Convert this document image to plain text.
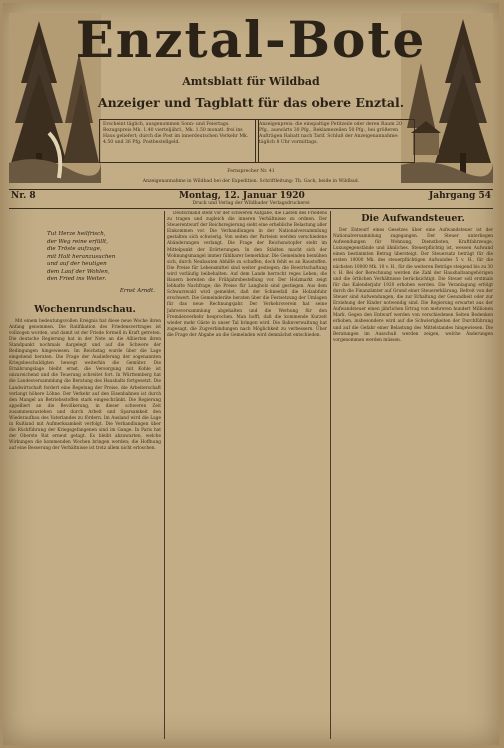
Enztal-Bote
Amtsblatt für Wildbad
Anzeiger und Tagblatt für das obere Enztal.
Erscheint täglich, ausgenommen Sonn- und Feiertags. Bezugspreis Mk. 1.40 vierteljährl., Mk. 1.50 monatl. frei ins Haus geliefert; durch die Post im innerdeutschen Verkehr Mk. 4.50 und 36 Pfg. Postbestellgeld.
Anzeigenpreis: die einspaltige Petitzeile oder deren Raum 20 Pfg., auswärts 30 Pfg., Reklamezeilen 50 Pfg., bei größeren Aufträgen Rabatt nach Tarif. Schluß der Anzeigenannahme: täglich 8 Uhr vormittags.
Fernsprecher Nr. 41
Anzeigenannahme in Wildbad bei der Expedition. Schriftleitung: Th. Gack, beide in Wildbad.
Nr. 8	Montag, 12. Januar 1920	Jahrgang 54
Druck und Verlag der Wildbader Verlagsdruckerei
Tut Herze heilfrisch,
der Weg reine erfüllt,
die Tröste aufzuge,
mit Halt heranzusuchen
und auf der heutigen
dem Lauf der Wohlen,
den Fried ins Weiter.
Ernst Arndt.
Wochenrundschau.

Mit einem bedeutungsvollen Ereignis hat diese neue Woche ihren Anfang genommen. Die Ratifikation des Friedensvertrages ist vollzogen worden, und damit ist der Friede formell in Kraft getreten. Die deutsche Regierung hat in der Note an die Alliierten ihren Standpunkt nochmals dargelegt und auf die Schwere der Bedingungen hingewiesen. Im Reichstag wurde über die Lage eingehend beraten. Die Frage der Auslieferung der sogenannten Kriegsbeschuldigten bewegt weiterhin die Gemüter. Die Ernährungslage bleibt ernst, die Versorgung mit Kohle ist unzureichend und die Teuerung schreitet fort. In Württemberg hat die Landesversammlung die Beratung des Haushalts fortgesetzt. Die Landwirtschaft fordert eine Regelung der Preise, die Arbeiterschaft verlangt höhere Löhne. Der Verkehr auf den Eisenbahnen ist durch den Mangel an Betriebsstoffen stark eingeschränkt. Die Regierung appelliert an die Bevölkerung, in dieser schweren Zeit zusammenzustehen und durch Arbeit und Sparsamkeit den Wiederaufbau des Vaterlandes zu fördern. Im Ausland wird die Lage in Rußland mit Aufmerksamkeit verfolgt. Die Verhandlungen über die Rückführung der Kriegsgefangenen sind im Gange. In Paris hat der Oberste Rat erneut getagt. Es bleibt abzuwarten, welche Wirkungen die kommenden Wochen bringen werden; die Hoffnung auf eine Besserung der Verhältnisse ist trotz allem nicht erloschen.

Deutschland steht vor der schweren Aufgabe, die Lasten des Friedens zu tragen und zugleich die inneren Verhältnisse zu ordnen. Der Steuerentwurf der Reichsregierung sieht eine erhebliche Belastung aller Einkommen vor. Die Verhandlungen in der Nationalversammlung gestalten sich schwierig. Von seiten der Parteien werden verschiedene Abänderungen verlangt. Die Frage der Reichsnotopfer steht im Mittelpunkt der Erörterungen. In den Städten macht sich der Wohnungsmangel immer fühlbarer bemerkbar. Die Gemeinden bemühen sich, durch Neubauten Abhilfe zu schaffen, doch fehlt es an Baustoffen. Die Preise für Lebensmittel sind weiter gestiegen; die Bewirtschaftung wird vorläufig beibehalten. Auf dem Lande herrscht reges Leben; die Bauern bereiten die Frühjahrsbestellung vor. Der Holzmarkt zeigt lebhafte Nachfrage; die Preise für Langholz sind gestiegen. Aus dem Schwarzwald wird gemeldet, daß der Schneefall die Holzabfuhr erschwert. Die Gemeinderäte beraten über die Festsetzung der Umlagen für das neue Rechnungsjahr. Der Verkehrsverein hat seine Jahresversammlung abgehalten und die Werbung für den Fremdenverkehr besprochen. Man hofft, daß die kommende Kurzeit wieder mehr Gäste in unser Tal bringen wird. Die Bahnverwaltung hat zugesagt, die Zugverbindungen nach Möglichkeit zu verbessern. Über die Frage der Abgabe an die Gemeinden wird demnächst entschieden.

Die Aufwandsteuer.

Der Entwurf eines Gesetzes über eine Aufwandsteuer ist der Nationalversammlung zugegangen. Der Steuer unterliegen Aufwendungen für Wohnung, Dienstboten, Kraftfahrzeuge, Luxusgegenstände und ähnliches. Steuerpflichtig ist, wessen Aufwand einen bestimmten Betrag übersteigt. Der Steuersatz beträgt für die ersten 10000 Mk. des steuerpflichtigen Aufwandes 5 v. H., für die nächsten 10000 Mk. 10 v. H., für die weiteren Beträge steigend bis zu 30 v. H. Bei der Berechnung werden die Zahl der Haushaltsangehörigen und die örtlichen Verhältnisse berücksichtigt. Die Steuer soll erstmals für das Kalenderjahr 1920 erhoben werden. Die Veranlagung erfolgt durch die Finanzämter auf Grund einer Steuererklärung. Befreit von der Steuer sind Aufwendungen, die zur Erhaltung der Gesundheit oder zur Erziehung der Kinder notwendig sind. Die Regierung erwartet aus der Aufwandsteuer einen jährlichen Ertrag von mehreren hundert Millionen Mark. Gegen den Entwurf werden von verschiedenen Seiten Bedenken erhoben, insbesondere wird auf die Schwierigkeiten der Durchführung und auf die Gefahr einer Belastung des Mittelstandes hingewiesen. Die Beratungen im Ausschuß werden zeigen, welche Änderungen vorgenommen werden müssen.
